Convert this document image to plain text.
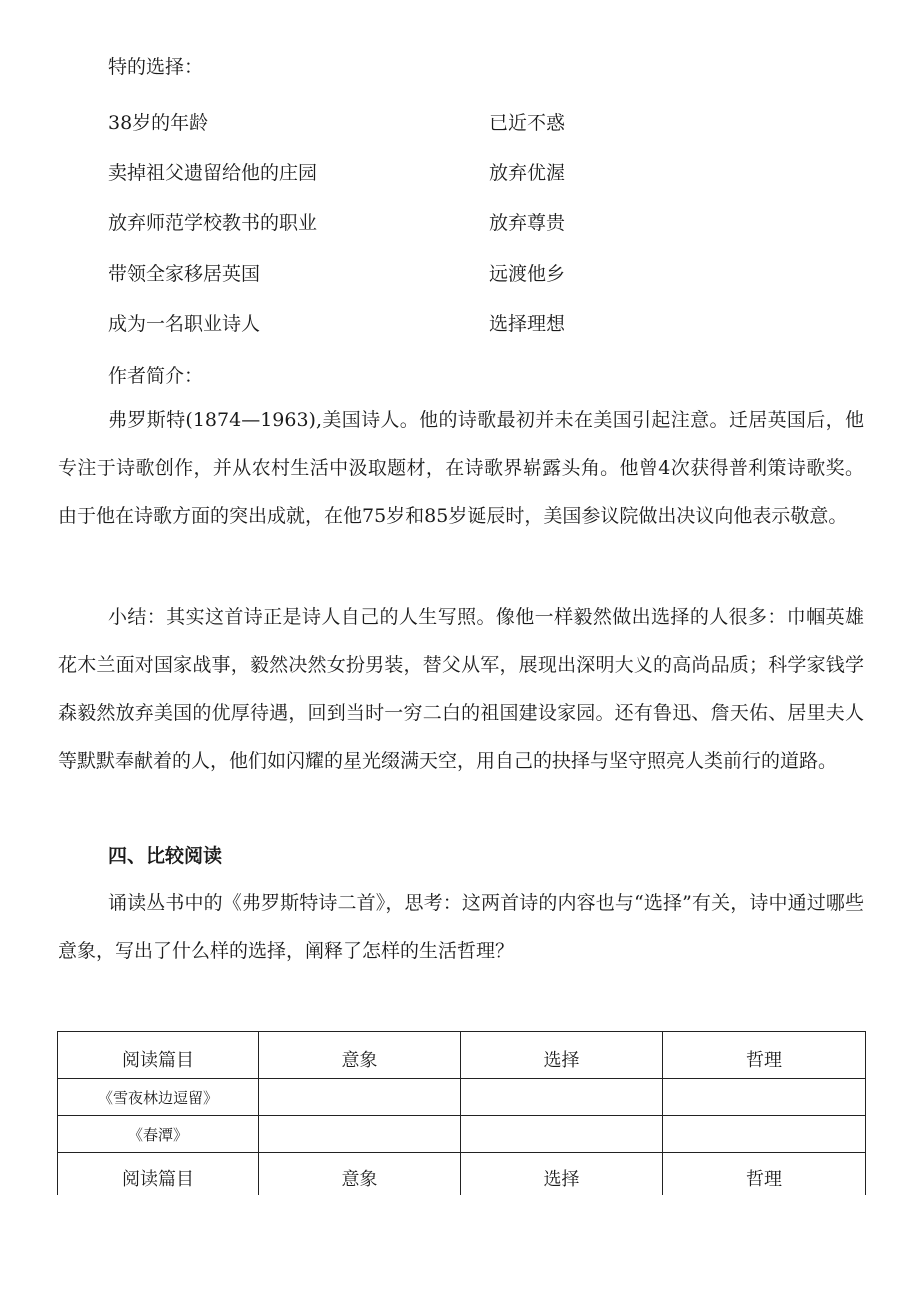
特的选择：
38岁的年龄	已近不惑
卖掉祖父遗留给他的庄园	放弃优渥
放弃师范学校教书的职业	放弃尊贵
带领全家移居英国	远渡他乡
成为一名职业诗人	选择理想
作者简介：
弗罗斯特(1874—1963),美国诗人。他的诗歌最初并未在美国引起注意。迁居英国后，他专注于诗歌创作，并从农村生活中汲取题材，在诗歌界崭露头角。他曾4次获得普利策诗歌奖。由于他在诗歌方面的突出成就，在他75岁和85岁诞辰时，美国参议院做出决议向他表示敬意。
小结：其实这首诗正是诗人自己的人生写照。像他一样毅然做出选择的人很多：巾帼英雄花木兰面对国家战事，毅然决然女扮男装，替父从军，展现出深明大义的高尚品质；科学家钱学森毅然放弃美国的优厚待遇，回到当时一穷二白的祖国建设家园。还有鲁迅、詹天佑、居里夫人等默默奉献着的人，他们如闪耀的星光缀满天空，用自己的抉择与坚守照亮人类前行的道路。
四、比较阅读
诵读丛书中的《弗罗斯特诗二首》，思考：这两首诗的内容也与“选择”有关，诗中通过哪些意象，写出了什么样的选择，阐释了怎样的生活哲理？
阅读篇目	意象	选择	哲理
《雪夜林边逗留》			
《春潭》			
阅读篇目	意象	选择	哲理
